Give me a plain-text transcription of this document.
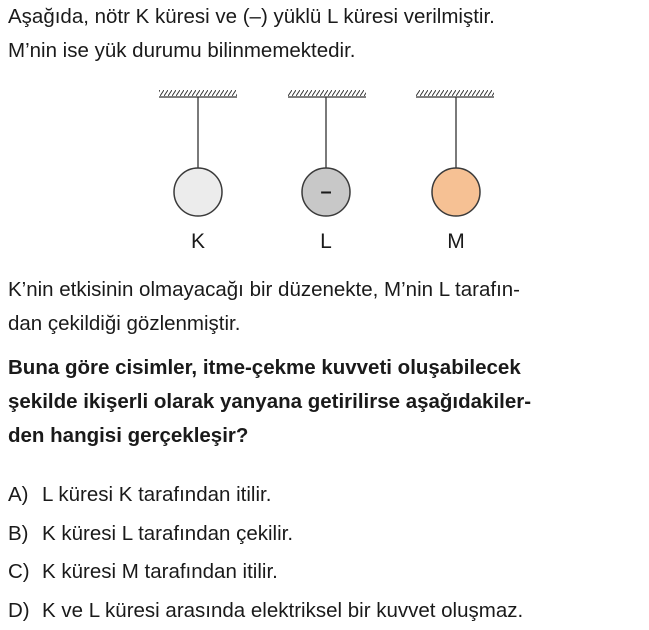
Aşağıda, nötr K küresi ve (–) yüklü L küresi verilmiştir.
M’nin ise yük durumu bilinmemektedir.
K
–
L	M
K’nin etkisinin olmayacağı bir düzenekte, M’nin L tarafın-
dan çekildiği gözlenmiştir.
Buna göre cisimler, itme-çekme kuvveti oluşabilecek
şekilde ikişerli olarak yanyana getirilirse aşağıdakiler-
den hangisi gerçekleşir?
A) L küresi K tarafından itilir.
B) K küresi L tarafından çekilir.
C) K küresi M tarafından itilir.
D) K ve L küresi arasında elektriksel bir kuvvet oluşmaz.
